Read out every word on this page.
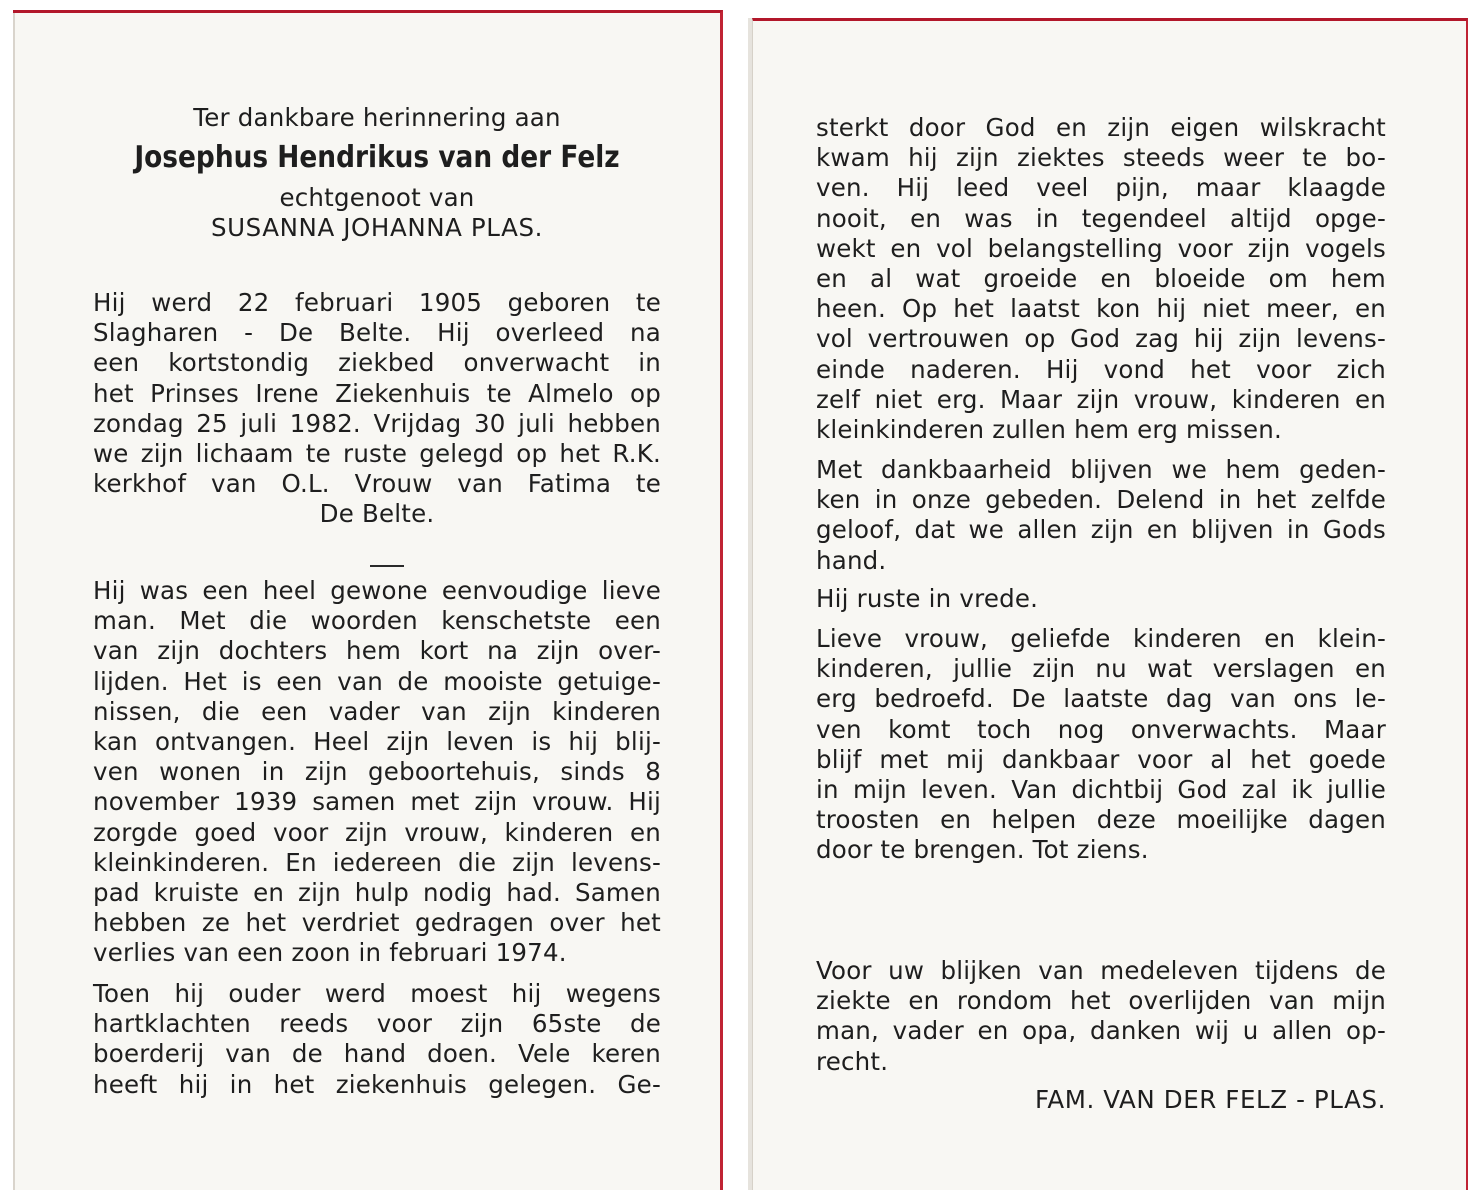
Ter dankbare herinnering aan
Josephus Hendrikus van der Felz
echtgenoot van
SUSANNA JOHANNA PLAS.
Hij werd 22 februari 1905 geboren te
Slagharen - De Belte. Hij overleed na
een kortstondig ziekbed onverwacht in
het Prinses Irene Ziekenhuis te Almelo op
zondag 25 juli 1982. Vrijdag 30 juli hebben
we zijn lichaam te ruste gelegd op het R.K.
kerkhof van O.L. Vrouw van Fatima te
De Belte.
Hij was een heel gewone eenvoudige lieve
man. Met die woorden kenschetste een
van zijn dochters hem kort na zijn over-
lijden. Het is een van de mooiste getuige-
nissen, die een vader van zijn kinderen
kan ontvangen. Heel zijn leven is hij blij-
ven wonen in zijn geboortehuis, sinds 8
november 1939 samen met zijn vrouw. Hij
zorgde goed voor zijn vrouw, kinderen en
kleinkinderen. En iedereen die zijn levens-
pad kruiste en zijn hulp nodig had. Samen
hebben ze het verdriet gedragen over het
verlies van een zoon in februari 1974.
Toen hij ouder werd moest hij wegens
hartklachten reeds voor zijn 65ste de
boerderij van de hand doen. Vele keren
heeft hij in het ziekenhuis gelegen. Ge-
sterkt door God en zijn eigen wilskracht
kwam hij zijn ziektes steeds weer te bo-
ven. Hij leed veel pijn, maar klaagde
nooit, en was in tegendeel altijd opge-
wekt en vol belangstelling voor zijn vogels
en al wat groeide en bloeide om hem
heen. Op het laatst kon hij niet meer, en
vol vertrouwen op God zag hij zijn levens-
einde naderen. Hij vond het voor zich
zelf niet erg. Maar zijn vrouw, kinderen en
kleinkinderen zullen hem erg missen.
Met dankbaarheid blijven we hem geden-
ken in onze gebeden. Delend in het zelfde
geloof, dat we allen zijn en blijven in Gods
hand.
Hij ruste in vrede.
Lieve vrouw, geliefde kinderen en klein-
kinderen, jullie zijn nu wat verslagen en
erg bedroefd. De laatste dag van ons le-
ven komt toch nog onverwachts. Maar
blijf met mij dankbaar voor al het goede
in mijn leven. Van dichtbij God zal ik jullie
troosten en helpen deze moeilijke dagen
door te brengen. Tot ziens.
Voor uw blijken van medeleven tijdens de
ziekte en rondom het overlijden van mijn
man, vader en opa, danken wij u allen op-
recht.
FAM. VAN DER FELZ - PLAS.
